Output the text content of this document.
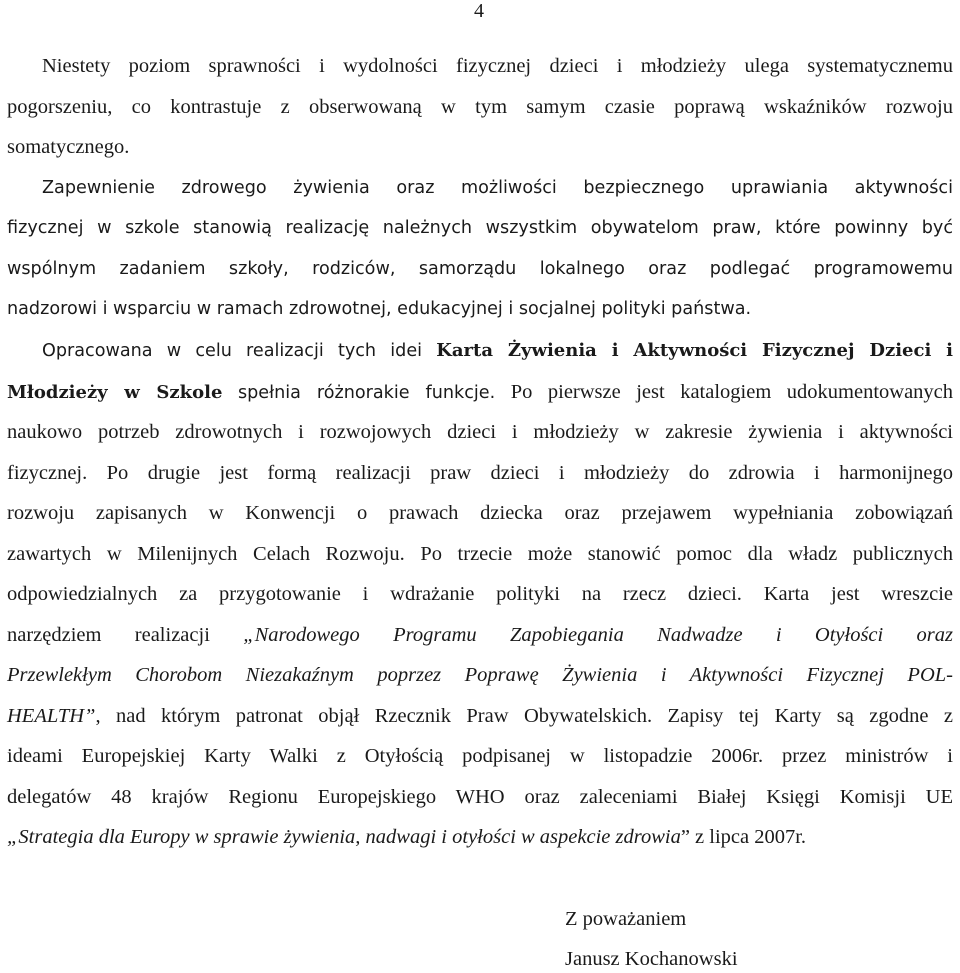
4
Niestety poziom sprawności i wydolności fizycznej dzieci i młodzieży ulega systematycznemu
pogorszeniu, co kontrastuje z obserwowaną w tym samym czasie poprawą wskaźników rozwoju
somatycznego.
Zapewnienie zdrowego żywienia oraz możliwości bezpiecznego uprawiania aktywności
fizycznej w szkole stanowią realizację należnych wszystkim obywatelom praw, które powinny być
wspólnym zadaniem szkoły, rodziców, samorządu lokalnego oraz podlegać programowemu
nadzorowi i wsparciu w ramach zdrowotnej, edukacyjnej i socjalnej polityki państwa.
Opracowana w celu realizacji tych idei Karta Żywienia i Aktywności Fizycznej Dzieci i
Młodzieży w Szkole spełnia różnorakie funkcje. Po pierwsze jest katalogiem udokumentowanych
naukowo potrzeb zdrowotnych i rozwojowych dzieci i młodzieży w zakresie żywienia i aktywności
fizycznej. Po drugie jest formą realizacji praw dzieci i młodzieży do zdrowia i harmonijnego
rozwoju zapisanych w Konwencji o prawach dziecka oraz przejawem wypełniania zobowiązań
zawartych w Milenijnych Celach Rozwoju. Po trzecie może stanowić pomoc dla władz publicznych
odpowiedzialnych za przygotowanie i wdrażanie polityki na rzecz dzieci. Karta jest wreszcie
narzędziem realizacji „Narodowego Programu Zapobiegania Nadwadze i Otyłości oraz
Przewlekłym Chorobom Niezakaźnym poprzez Poprawę Żywienia i Aktywności Fizycznej POL-
HEALTH”, nad którym patronat objął Rzecznik Praw Obywatelskich. Zapisy tej Karty są zgodne z
ideami Europejskiej Karty Walki z Otyłością podpisanej w listopadzie 2006r. przez ministrów i
delegatów 48 krajów Regionu Europejskiego WHO oraz zaleceniami Białej Księgi Komisji UE
„Strategia dla Europy w sprawie żywienia, nadwagi i otyłości w aspekcie zdrowia” z lipca 2007r.
Z poważaniem
Janusz Kochanowski
